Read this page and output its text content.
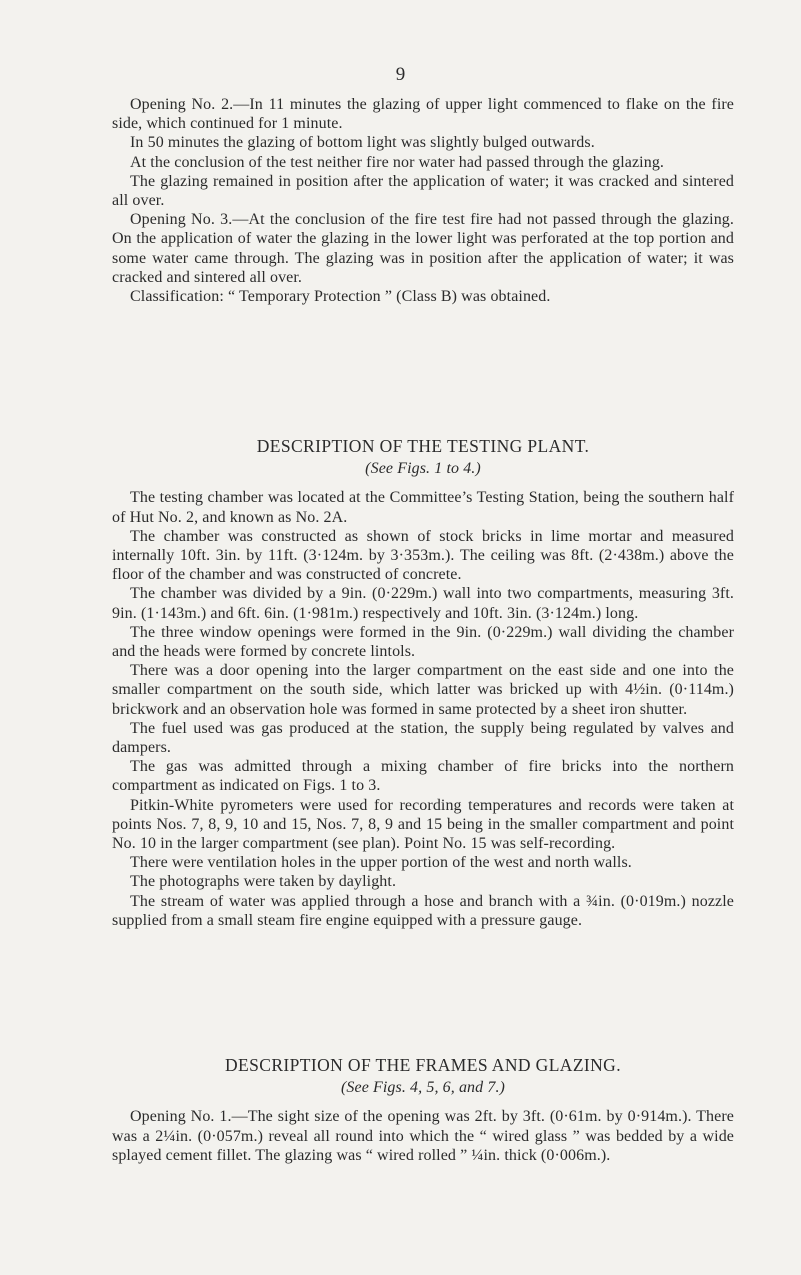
9

Opening No. 2.—In 11 minutes the glazing of upper light commenced to flake on the fire side, which continued for 1 minute.

In 50 minutes the glazing of bottom light was slightly bulged outwards.

At the conclusion of the test neither fire nor water had passed through the glazing.

The glazing remained in position after the application of water; it was cracked and sintered all over.

Opening No. 3.—At the conclusion of the fire test fire had not passed through the glazing. On the application of water the glazing in the lower light was perforated at the top portion and some water came through. The glazing was in position after the application of water; it was cracked and sintered all over.

Classification: “ Temporary Protection ” (Class B) was obtained.

DESCRIPTION OF THE TESTING PLANT.
(See Figs. 1 to 4.)

The testing chamber was located at the Committee’s Testing Station, being the southern half of Hut No. 2, and known as No. 2A.

The chamber was constructed as shown of stock bricks in lime mortar and measured internally 10ft. 3in. by 11ft. (3·124m. by 3·353m.). The ceiling was 8ft. (2·438m.) above the floor of the chamber and was constructed of concrete.

The chamber was divided by a 9in. (0·229m.) wall into two compartments, measuring 3ft. 9in. (1·143m.) and 6ft. 6in. (1·981m.) respectively and 10ft. 3in. (3·124m.) long.

The three window openings were formed in the 9in. (0·229m.) wall dividing the chamber and the heads were formed by concrete lintols.

There was a door opening into the larger compartment on the east side and one into the smaller compartment on the south side, which latter was bricked up with 4½in. (0·114m.) brickwork and an observation hole was formed in same protected by a sheet iron shutter.

The fuel used was gas produced at the station, the supply being regulated by valves and dampers.

The gas was admitted through a mixing chamber of fire bricks into the northern compartment as indicated on Figs. 1 to 3.

Pitkin-White pyrometers were used for recording temperatures and records were taken at points Nos. 7, 8, 9, 10 and 15, Nos. 7, 8, 9 and 15 being in the smaller compartment and point No. 10 in the larger compartment (see plan). Point No. 15 was self-recording.

There were ventilation holes in the upper portion of the west and north walls.

The photographs were taken by daylight.

The stream of water was applied through a hose and branch with a ¾in. (0·019m.) nozzle supplied from a small steam fire engine equipped with a pressure gauge.

DESCRIPTION OF THE FRAMES AND GLAZING.
(See Figs. 4, 5, 6, and 7.)

Opening No. 1.—The sight size of the opening was 2ft. by 3ft. (0·61m. by 0·914m.). There was a 2¼in. (0·057m.) reveal all round into which the “ wired glass ” was bedded by a wide splayed cement fillet. The glazing was “ wired rolled ” ¼in. thick (0·006m.).
